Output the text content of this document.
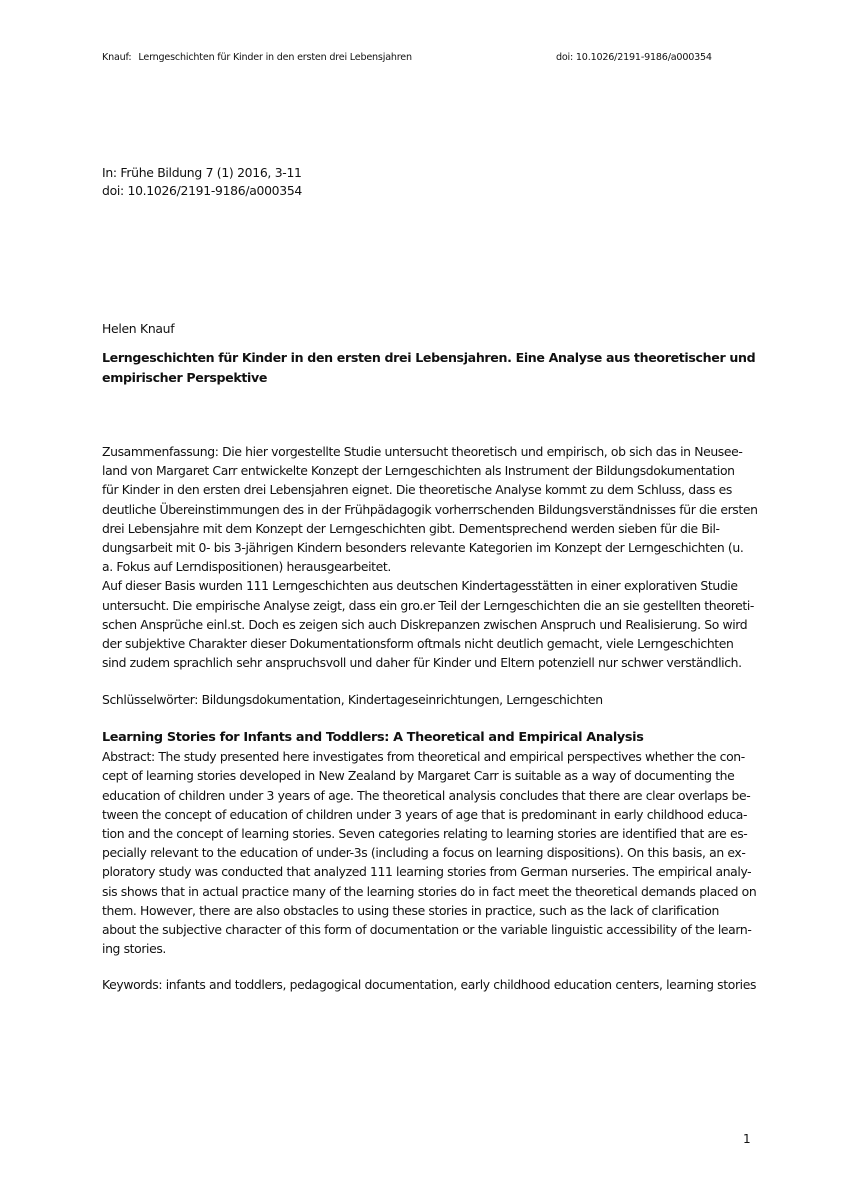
Knauf: Lerngeschichten für Kinder in den ersten drei Lebensjahren	doi: 10.1026/2191-9186/a000354
In: Frühe Bildung 7 (1) 2016, 3-11
doi: 10.1026/2191-9186/a000354
Helen Knauf
Lerngeschichten für Kinder in den ersten drei Lebensjahren. Eine Analyse aus theoretischer und
empirischer Perspektive
Zusammenfassung: Die hier vorgestellte Studie untersucht theoretisch und empirisch, ob sich das in Neusee-
land von Margaret Carr entwickelte Konzept der Lerngeschichten als Instrument der Bildungsdokumentation
für Kinder in den ersten drei Lebensjahren eignet. Die theoretische Analyse kommt zu dem Schluss, dass es
deutliche Übereinstimmungen des in der Frühpädagogik vorherrschenden Bildungsverständnisses für die ersten
drei Lebensjahre mit dem Konzept der Lerngeschichten gibt. Dementsprechend werden sieben für die Bil-
dungsarbeit mit 0- bis 3-jährigen Kindern besonders relevante Kategorien im Konzept der Lerngeschichten (u.
a. Fokus auf Lerndispositionen) herausgearbeitet.
Auf dieser Basis wurden 111 Lerngeschichten aus deutschen Kindertagesstätten in einer explorativen Studie
untersucht. Die empirische Analyse zeigt, dass ein gro.er Teil der Lerngeschichten die an sie gestellten theoreti-
schen Ansprüche einl.st. Doch es zeigen sich auch Diskrepanzen zwischen Anspruch und Realisierung. So wird
der subjektive Charakter dieser Dokumentationsform oftmals nicht deutlich gemacht, viele Lerngeschichten
sind zudem sprachlich sehr anspruchsvoll und daher für Kinder und Eltern potenziell nur schwer verständlich.
Schlüsselwörter: Bildungsdokumentation, Kindertageseinrichtungen, Lerngeschichten
Learning Stories for Infants and Toddlers: A Theoretical and Empirical Analysis
Abstract: The study presented here investigates from theoretical and empirical perspectives whether the con-
cept of learning stories developed in New Zealand by Margaret Carr is suitable as a way of documenting the
education of children under 3 years of age. The theoretical analysis concludes that there are clear overlaps be-
tween the concept of education of children under 3 years of age that is predominant in early childhood educa-
tion and the concept of learning stories. Seven categories relating to learning stories are identified that are es-
pecially relevant to the education of under-3s (including a focus on learning dispositions). On this basis, an ex-
ploratory study was conducted that analyzed 111 learning stories from German nurseries. The empirical analy-
sis shows that in actual practice many of the learning stories do in fact meet the theoretical demands placed on
them. However, there are also obstacles to using these stories in practice, such as the lack of clarification
about the subjective character of this form of documentation or the variable linguistic accessibility of the learn-
ing stories.
Keywords: infants and toddlers, pedagogical documentation, early childhood education centers, learning stories
1
